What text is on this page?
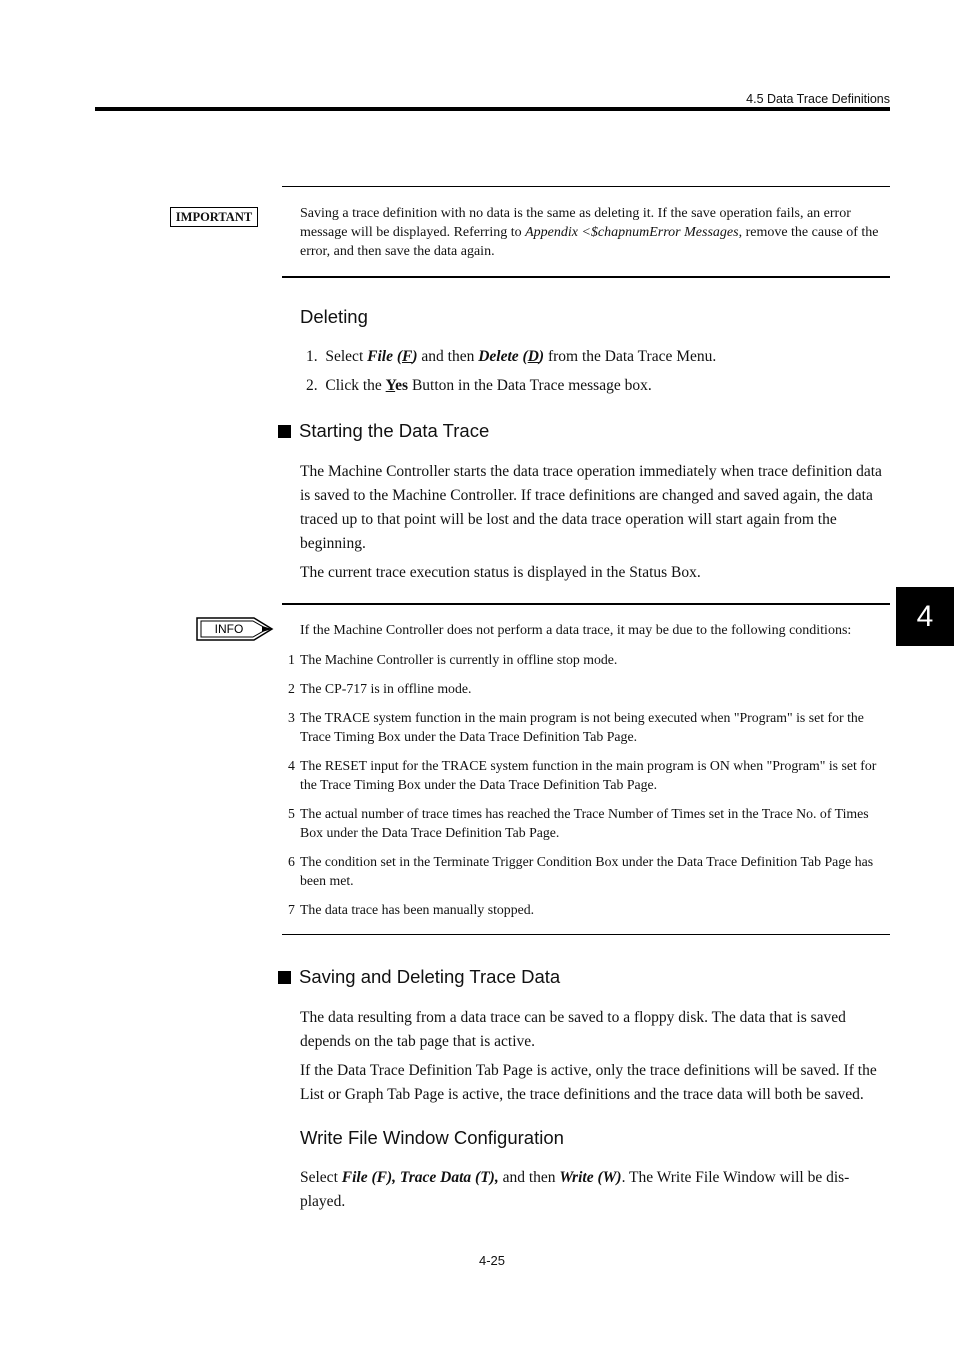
4.5 Data Trace Definitions
IMPORTANT	Saving a trace definition with no data is the same as deleting it. If the save operation fails, an error message will be displayed. Referring to Appendix <$chapnumError Messages, remove the cause of the error, and then save the data again.
Deleting
1. Select File (F) and then Delete (D) from the Data Trace Menu.
2. Click the Yes Button in the Data Trace message box.
Starting the Data Trace

The Machine Controller starts the data trace operation immediately when trace definition data is saved to the Machine Controller. If trace definitions are changed and saved again, the data traced up to that point will be lost and the data trace operation will start again from the beginning.

The current trace execution status is displayed in the Status Box.

INFO	If the Machine Controller does not perform a data trace, it may be due to the following conditions:
1 The Machine Controller is currently in offline stop mode.
2 The CP-717 is in offline mode.
3 The TRACE system function in the main program is not being executed when "Program" is set for the Trace Timing Box under the Data Trace Definition Tab Page.
4 The RESET input for the TRACE system function in the main program is ON when "Program" is set for the Trace Timing Box under the Data Trace Definition Tab Page.
5 The actual number of trace times has reached the Trace Number of Times set in the Trace No. of Times Box under the Data Trace Definition Tab Page.
6 The condition set in the Terminate Trigger Condition Box under the Data Trace Definition Tab Page has been met.
7 The data trace has been manually stopped.
Saving and Deleting Trace Data

The data resulting from a data trace can be saved to a floppy disk. The data that is saved depends on the tab page that is active.

If the Data Trace Definition Tab Page is active, only the trace definitions will be saved. If the List or Graph Tab Page is active, the trace definitions and the trace data will both be saved.

Write File Window Configuration

Select File (F), Trace Data (T), and then Write (W). The Write File Window will be dis-played.

4
4-25
